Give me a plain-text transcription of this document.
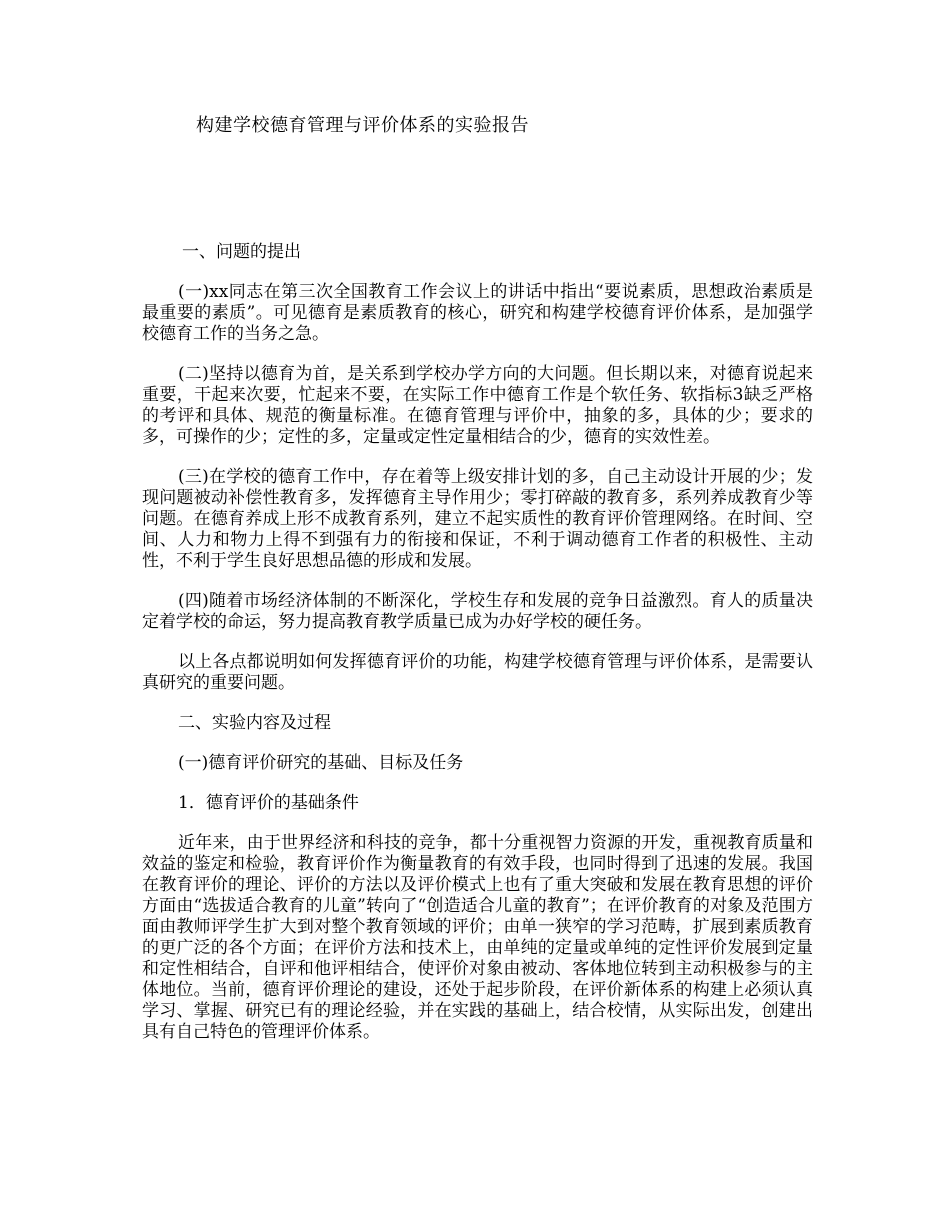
构建学校德育管理与评价体系的实验报告
一、问题的提出

(一)xx同志在第三次全国教育工作会议上的讲话中指出“要说素质，思想政治素质是最重要的素质”。可见德育是素质教育的核心，研究和构建学校德育评价体系，是加强学校德育工作的当务之急。

(二)坚持以德育为首，是关系到学校办学方向的大问题。但长期以来，对德育说起来重要，干起来次要，忙起来不要，在实际工作中德育工作是个软任务、软指标3缺乏严格的考评和具体、规范的衡量标准。在德育管理与评价中，抽象的多，具体的少；要求的多，可操作的少；定性的多，定量或定性定量相结合的少，德育的实效性差。

(三)在学校的德育工作中，存在着等上级安排计划的多，自己主动设计开展的少；发现问题被动补偿性教育多，发挥德育主导作用少；零打碎敲的教育多，系列养成教育少等问题。在德育养成上形不成教育系列，建立不起实质性的教育评价管理网络。在时间、空间、人力和物力上得不到强有力的衔接和保证，不利于调动德育工作者的积极性、主动性，不利于学生良好思想品德的形成和发展。

(四)随着市场经济体制的不断深化，学校生存和发展的竞争日益激烈。育人的质量决定着学校的命运，努力提高教育教学质量已成为办好学校的硬任务。

以上各点都说明如何发挥德育评价的功能，构建学校德育管理与评价体系，是需要认真研究的重要问题。

二、实验内容及过程
(一)德育评价研究的基础、目标及任务
1．德育评价的基础条件

近年来，由于世界经济和科技的竞争，都十分重视智力资源的开发，重视教育质量和效益的鉴定和检验，教育评价作为衡量教育的有效手段，也同时得到了迅速的发展。我国在教育评价的理论、评价的方法以及评价模式上也有了重大突破和发展在教育思想的评价方面由“选拔适合教育的儿童”转向了“创造适合儿童的教育”；在评价教育的对象及范围方面由教师评学生扩大到对整个教育领域的评价；由单一狭窄的学习范畴，扩展到素质教育的更广泛的各个方面；在评价方法和技术上，由单纯的定量或单纯的定性评价发展到定量和定性相结合，自评和他评相结合，使评价对象由被动、客体地位转到主动积极参与的主体地位。当前，德育评价理论的建设，还处于起步阶段，在评价新体系的构建上必须认真学习、掌握、研究已有的理论经验，并在实践的基础上，结合校情，从实际出发，创建出具有自己特色的管理评价体系。
